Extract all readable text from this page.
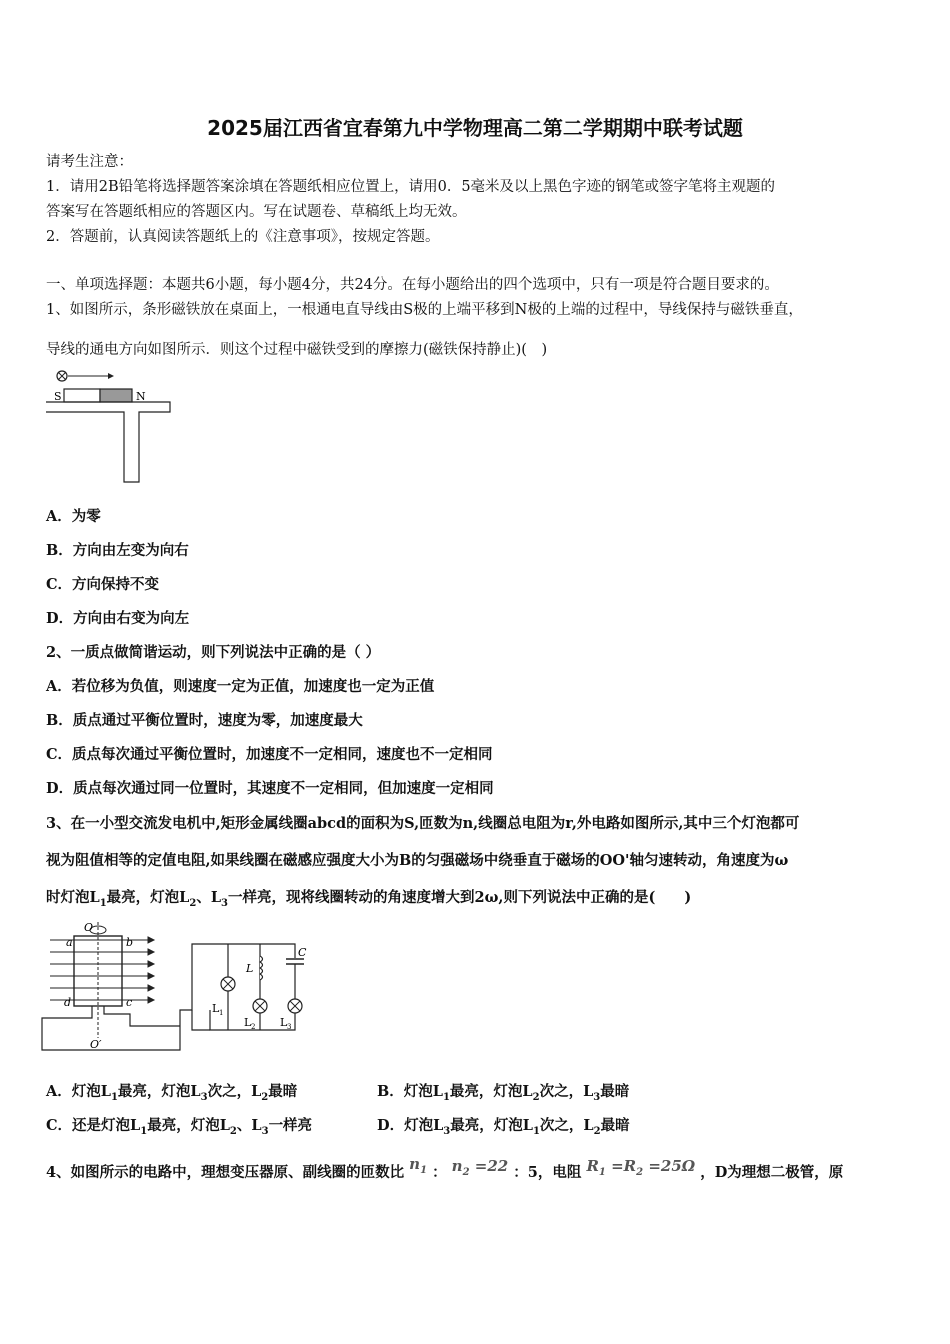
2025届江西省宜春第九中学物理高二第二学期期中联考试题
请考生注意：
1．请用2B铅笔将选择题答案涂填在答题纸相应位置上，请用0．5毫米及以上黑色字迹的钢笔或签字笔将主观题的
答案写在答题纸相应的答题区内。写在试题卷、草稿纸上均无效。
2．答题前，认真阅读答题纸上的《注意事项》，按规定答题。
一、单项选择题：本题共6小题，每小题4分，共24分。在每小题给出的四个选项中，只有一项是符合题目要求的。
1、如图所示，条形磁铁放在桌面上，一根通电直导线由S极的上端平移到N极的上端的过程中，导线保持与磁铁垂直，
导线的通电方向如图所示．则这个过程中磁铁受到的摩擦力(磁铁保持静止)(　)
S	N
A．为零
B．方向由左变为向右
C．方向保持不变
D．方向由右变为向左
2、一质点做简谐运动，则下列说法中正确的是（ ）
A．若位移为负值，则速度一定为正值，加速度也一定为正值
B．质点通过平衡位置时，速度为零，加速度最大
C．质点每次通过平衡位置时，加速度不一定相同，速度也不一定相同
D．质点每次通过同一位置时，其速度不一定相同，但加速度一定相同
3、在一小型交流发电机中,矩形金属线圈abcd的面积为S,匝数为n,线圈总电阻为r,外电路如图所示,其中三个灯泡都可
视为阻值相等的定值电阻,如果线圈在磁感应强度大小为B的匀强磁场中绕垂直于磁场的OO'轴匀速转动，角速度为ω
时灯泡$L_1$最亮，灯泡$L_2$、$L_3$一样亮，现将线圈转动的角速度增大到2ω,则下列说法中正确的是(　　)
O
O′
a	b
c
d	L 1
L
L 2
C
L 3
A．灯泡$L_1$最亮，灯泡$L_3$次之，$L_2$最暗	B．灯泡$L_1$最亮，灯泡$L_2$次之，$L_3$最暗
C．还是灯泡$L_1$最亮，灯泡$L_2$、$L_3$一样亮	D．灯泡$L_3$最亮，灯泡$L_1$次之，$L_2$最暗
4、如图所示的电路中，理想变压器原、副线圈的匝数比 $n_1$ ： $n_2 =22$ ：5，电阻 $R_1 =R_2 =25\Omega$ ，D为理想二极管，原
